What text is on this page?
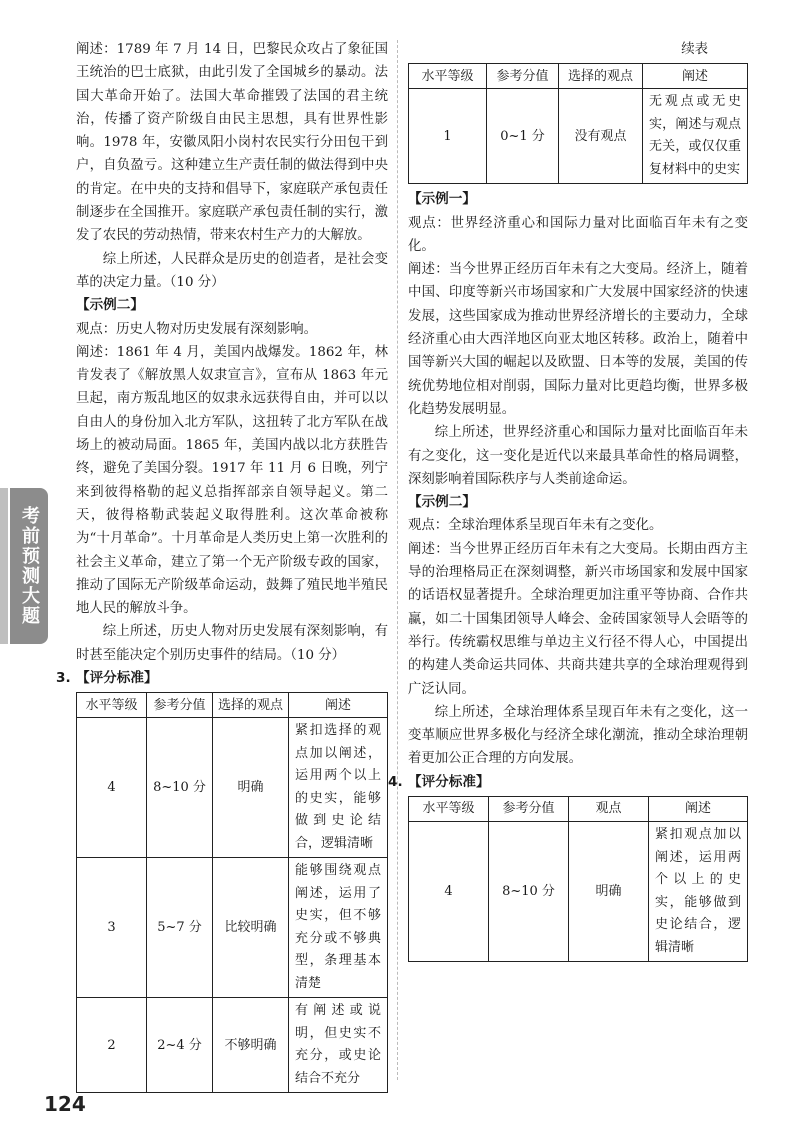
考前预测大题

阐述：1789 年 7 月 14 日，巴黎民众攻占了象征国王统治的巴士底狱，由此引发了全国城乡的暴动。法国大革命开始了。法国大革命摧毁了法国的君主统治，传播了资产阶级自由民主思想，具有世界性影响。1978 年，安徽凤阳小岗村农民实行分田包干到户，自负盈亏。这种建立生产责任制的做法得到中央的肯定。在中央的支持和倡导下，家庭联产承包责任制逐步在全国推开。家庭联产承包责任制的实行，激发了农民的劳动热情，带来农村生产力的大解放。

综上所述，人民群众是历史的创造者，是社会变革的决定力量。（10 分）

【示例二】

观点：历史人物对历史发展有深刻影响。

阐述：1861 年 4 月，美国内战爆发。1862 年，林肯发表了《解放黑人奴隶宣言》，宣布从 1863 年元旦起，南方叛乱地区的奴隶永远获得自由，并可以以自由人的身份加入北方军队，这扭转了北方军队在战场上的被动局面。1865 年，美国内战以北方获胜告终，避免了美国分裂。1917 年 11 月 6 日晚，列宁来到彼得格勒的起义总指挥部亲自领导起义。第二天，彼得格勒武装起义取得胜利。这次革命被称为“十月革命”。十月革命是人类历史上第一次胜利的社会主义革命，建立了第一个无产阶级专政的国家，推动了国际无产阶级革命运动，鼓舞了殖民地半殖民地人民的解放斗争。

综上所述，历史人物对历史发展有深刻影响，有时甚至能决定个别历史事件的结局。（10 分）

3. 【评分标准】

水平等级	参考分值	选择的观点	阐述
4	8~10 分	明确	紧扣选择的观点加以阐述，运用两个以上的史实，能够做到史论结合，逻辑清晰
3	5~7 分	比较明确	能够围绕观点阐述，运用了史实，但不够充分或不够典型，条理基本清楚
2	2~4 分	不够明确	有阐述或说明，但史实不充分，或史论结合不充分

续表

水平等级	参考分值	选择的观点	阐述
1	0~1 分	没有观点	无观点或无史实，阐述与观点无关，或仅仅重复材料中的史实

【示例一】

观点：世界经济重心和国际力量对比面临百年未有之变化。

阐述：当今世界正经历百年未有之大变局。经济上，随着中国、印度等新兴市场国家和广大发展中国家经济的快速发展，这些国家成为推动世界经济增长的主要动力，全球经济重心由大西洋地区向亚太地区转移。政治上，随着中国等新兴大国的崛起以及欧盟、日本等的发展，美国的传统优势地位相对削弱，国际力量对比更趋均衡，世界多极化趋势发展明显。

综上所述，世界经济重心和国际力量对比面临百年未有之变化，这一变化是近代以来最具革命性的格局调整，深刻影响着国际秩序与人类前途命运。

【示例二】

观点：全球治理体系呈现百年未有之变化。

阐述：当今世界正经历百年未有之大变局。长期由西方主导的治理格局正在深刻调整，新兴市场国家和发展中国家的话语权显著提升。全球治理更加注重平等协商、合作共赢，如二十国集团领导人峰会、金砖国家领导人会晤等的举行。传统霸权思维与单边主义行径不得人心，中国提出的构建人类命运共同体、共商共建共享的全球治理观得到广泛认同。

综上所述，全球治理体系呈现百年未有之变化，这一变革顺应世界多极化与经济全球化潮流，推动全球治理朝着更加公正合理的方向发展。

4. 【评分标准】

水平等级	参考分值	观点	阐述
4	8~10 分	明确	紧扣观点加以阐述，运用两个以上的史实，能够做到史论结合，逻辑清晰
124
